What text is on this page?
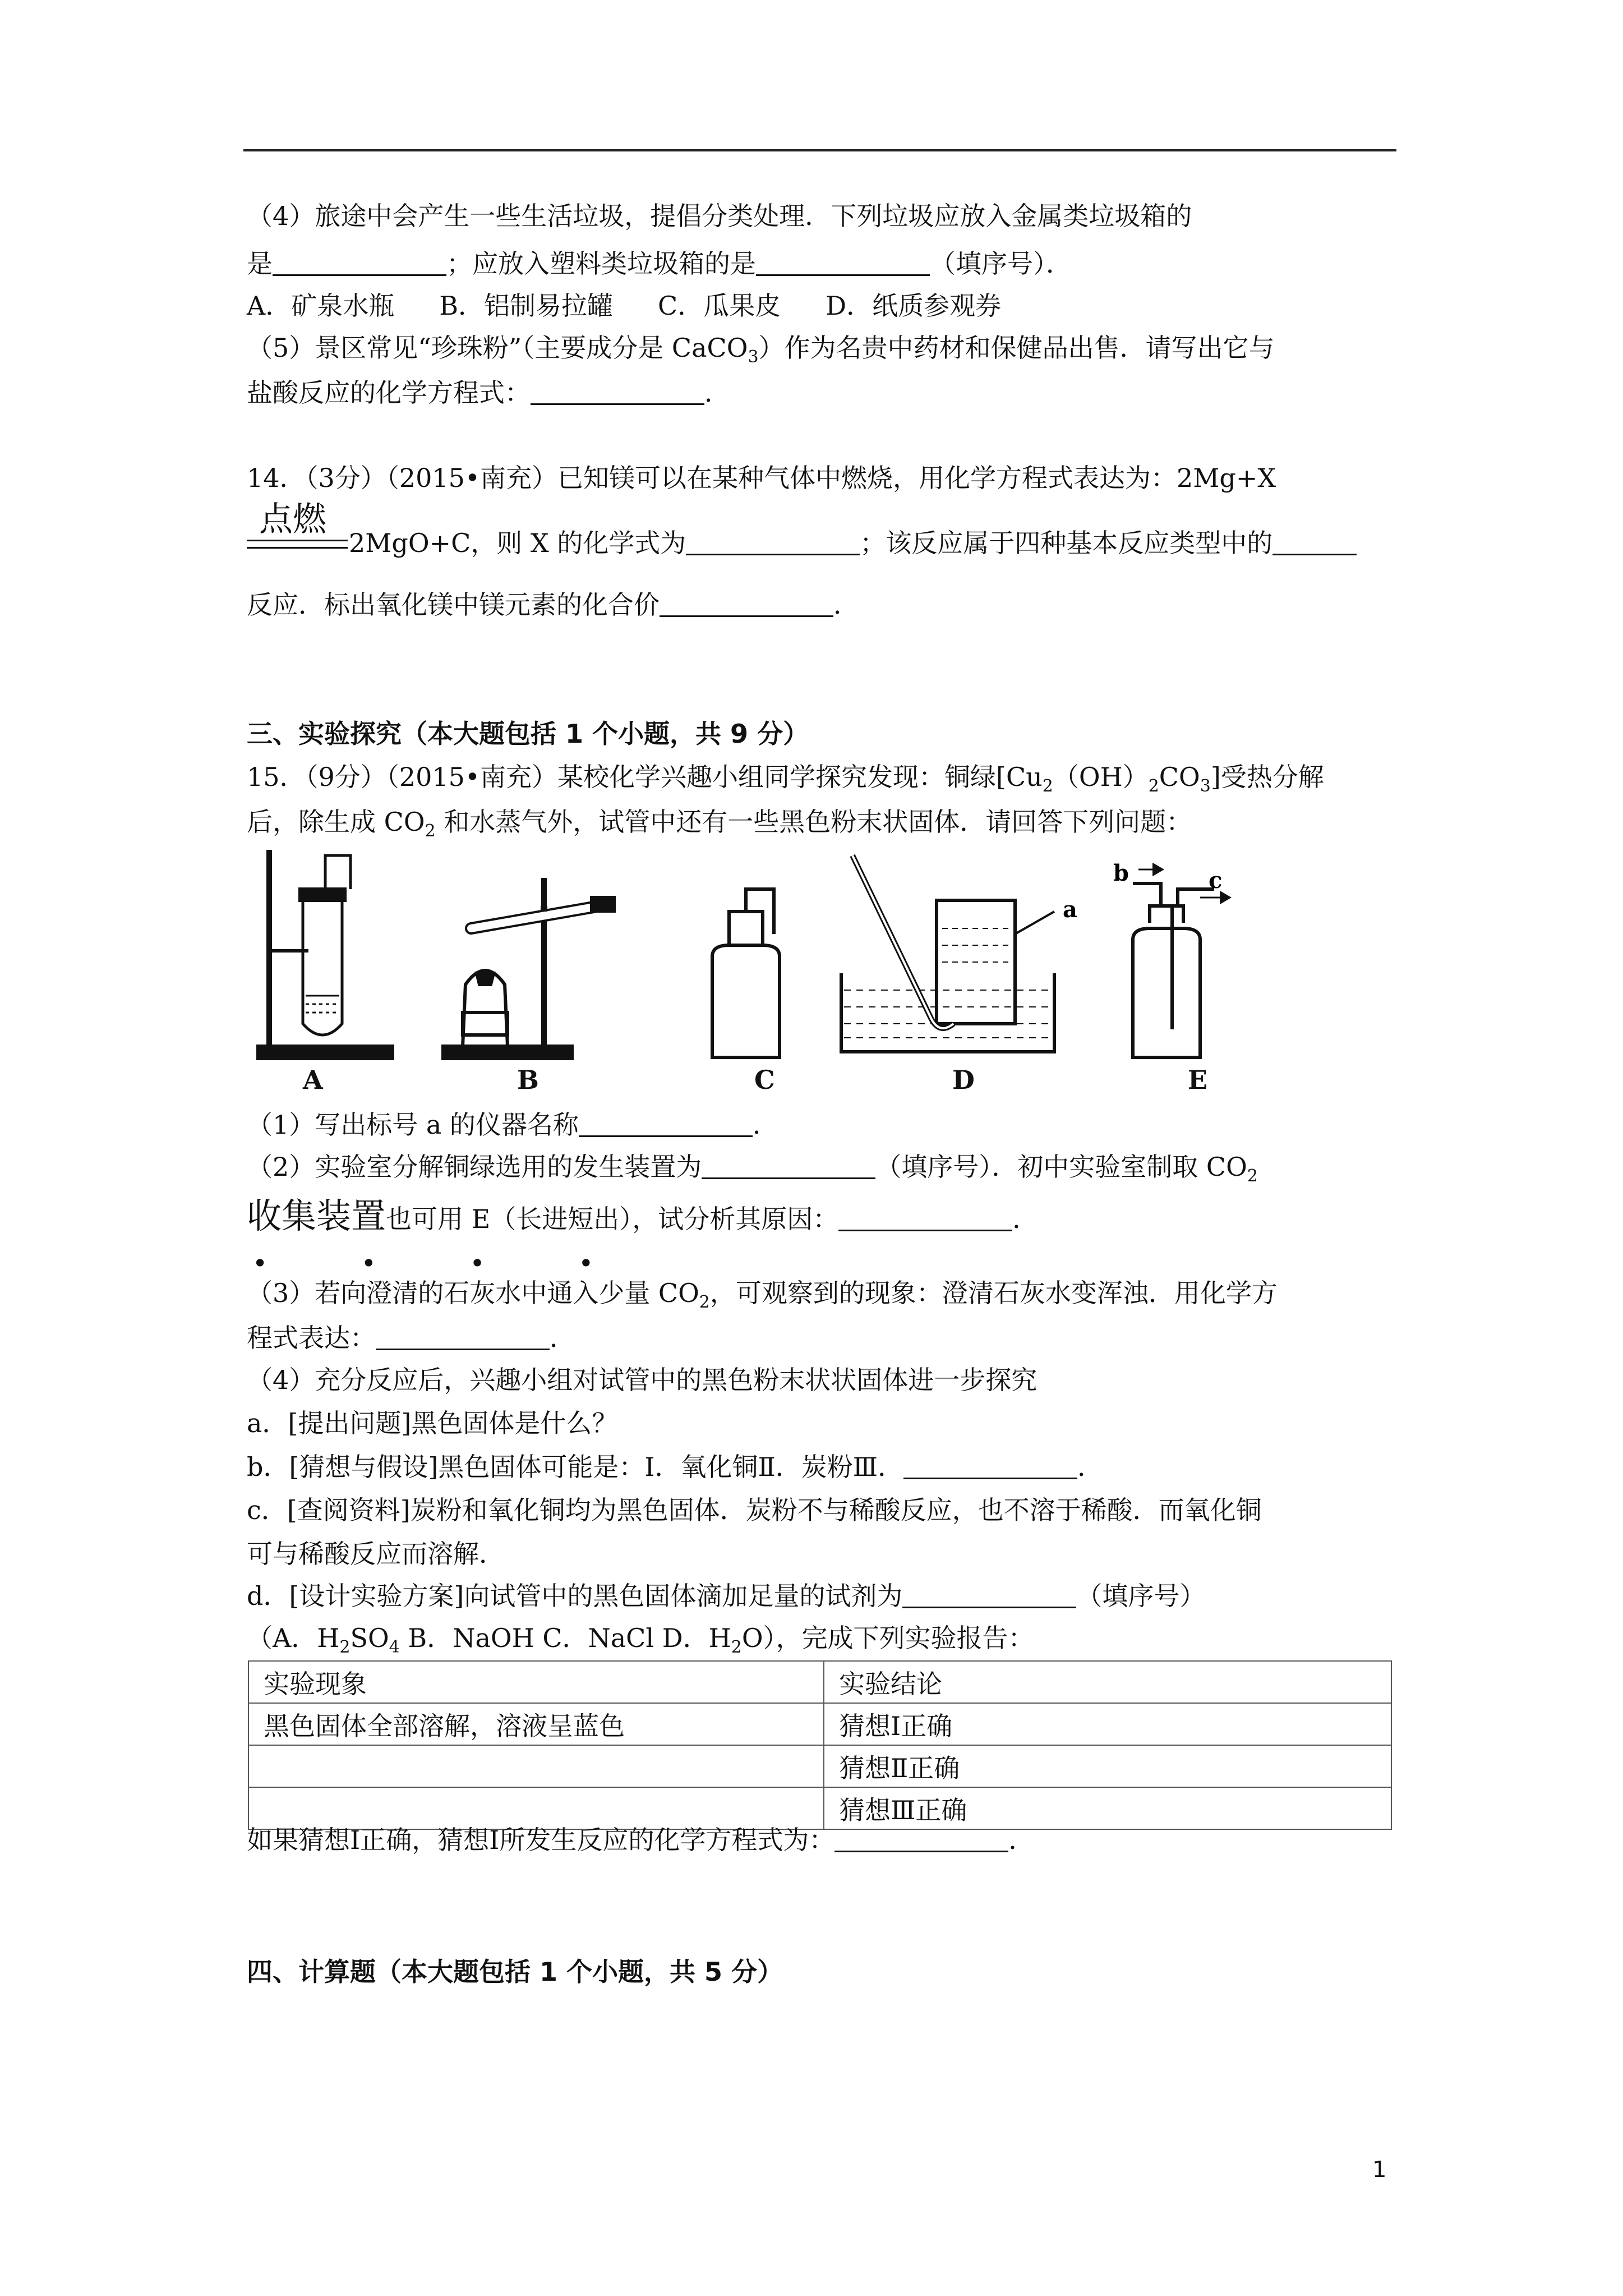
（4）旅途中会产生一些生活垃圾，提倡分类处理．下列垃圾应放入金属类垃圾箱的
是	；应放入塑料类垃圾箱的是	（填序号）．
A．矿泉水瓶 B．铝制易拉罐 C．瓜果皮 D．纸质参观券
（5）景区常见“珍珠粉”（主要成分是 CaCO$_3$）作为名贵中药材和保健品出售．请写出它与
盐酸反应的化学方程式：	．
14．（3分）（2015•南充）已知镁可以在某种气体中燃烧，用化学方程式表达为：2Mg+X
点燃
2MgO+C，则 X 的化学式为	；该反应属于四种基本反应类型中的
反应．标出氧化镁中镁元素的化合价	．
三、实验探究（本大题包括 1 个小题，共 9 分）
15．（9分）（2015•南充）某校化学兴趣小组同学探究发现：铜绿$[Cu_2(OH)_2CO_3]$受热分解
后，除生成 $CO_2$ 和水蒸气外，试管中还有一些黑色粉末状固体．请回答下列问题：
a
b	c
A	B	C	D	E
（1）写出标号 a 的仪器名称	．
（2）实验室分解铜绿选用的发生装置为	（填序号）．初中实验室制取 $CO_2$
收集装置也可用 E（长进短出），试分析其原因：	．
• • • •
（3）若向澄清的石灰水中通入少量 $CO_2$，可观察到的现象：澄清石灰水变浑浊．用化学方
程式表达：	．
（4）充分反应后，兴趣小组对试管中的黑色粉末状状固体进一步探究
a．[提出问题]黑色固体是什么？
b．[猜想与假设]黑色固体可能是：Ⅰ．氧化铜Ⅱ．炭粉Ⅲ．	．
c．[查阅资料]炭粉和氧化铜均为黑色固体．炭粉不与稀酸反应，也不溶于稀酸．而氧化铜
可与稀酸反应而溶解．
d．[设计实验方案]向试管中的黑色固体滴加足量的试剂为	（填序号）
（A．$H_2SO_4$ B．NaOH C．NaCl D．$H_2O$），完成下列实验报告：
实验现象	实验结论
黑色固体全部溶解，溶液呈蓝色	猜想Ⅰ正确
	猜想Ⅱ正确
	猜想Ⅲ正确
如果猜想Ⅰ正确，猜想Ⅰ所发生反应的化学方程式为：	．
四、计算题（本大题包括 1 个小题，共 5 分）
1
